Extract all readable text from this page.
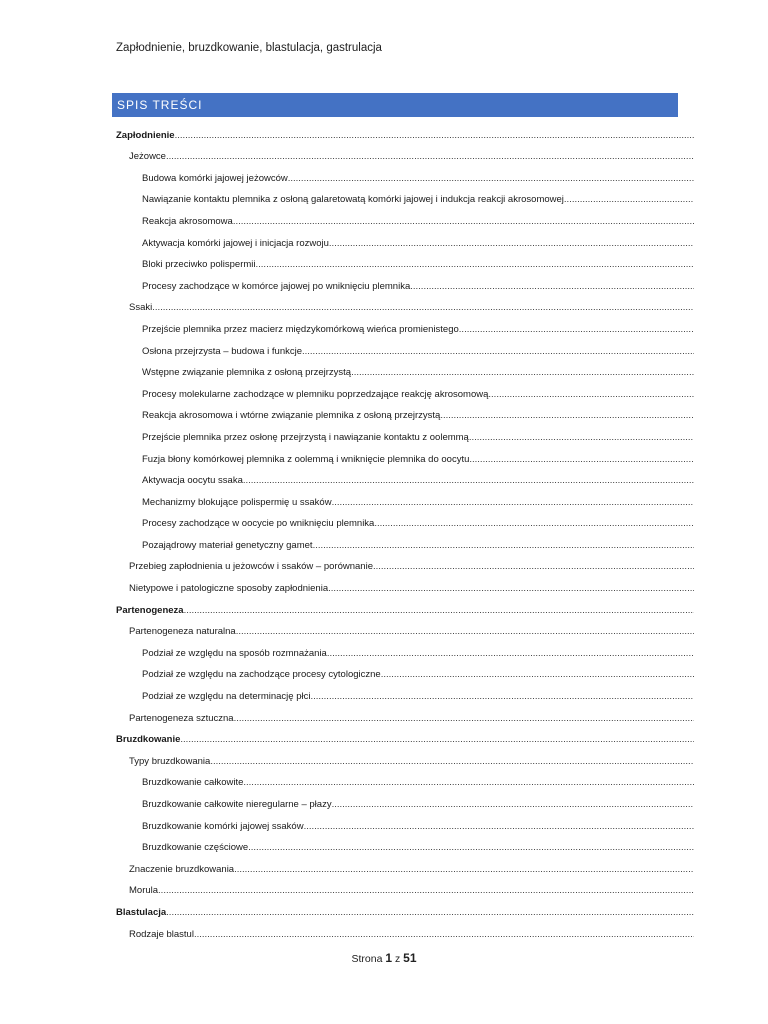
Zapłodnienie, bruzdkowanie, blastulacja, gastrulacja
SPIS TREŚCI
Zapłodnienie
.....
Jeżowce
.....
Budowa komórki jajowej jeżowców
.....
Nawiązanie kontaktu plemnika z osłoną galaretowatą komórki jajowej i indukcja reakcji akrosomowej
.....
Reakcja akrosomowa
.....
Aktywacja komórki jajowej i inicjacja rozwoju
.....
Bloki przeciwko polispermii
.....
Procesy zachodzące w komórce jajowej po wniknięciu plemnika
.....
Ssaki
.....
Przejście plemnika przez macierz międzykomórkową wieńca promienistego
.....
Osłona przejrzysta – budowa i funkcje
.....
Wstępne związanie plemnika z osłoną przejrzystą
.....
Procesy molekularne zachodzące w plemniku poprzedzające reakcję akrosomową
.....
Reakcja akrosomowa i wtórne związanie plemnika z osłoną przejrzystą
.....
Przejście plemnika przez osłonę przejrzystą i nawiązanie kontaktu z oolemmą
.....
Fuzja błony komórkowej plemnika z oolemmą i wniknięcie plemnika do oocytu
.....
Aktywacja oocytu ssaka
.....
Mechanizmy blokujące polispermię u ssaków
.....
Procesy zachodzące w oocycie po wniknięciu plemnika
.....
Pozajądrowy materiał genetyczny gamet
.....
Przebieg zapłodnienia u jeżowców i ssaków – porównanie
.....
Nietypowe i patologiczne sposoby zapłodnienia
.....
Partenogeneza
.....
Partenogeneza naturalna
.....
Podział ze względu na sposób rozmnażania
.....
Podział ze względu na zachodzące procesy cytologiczne
.....
Podział ze względu na determinację płci
.....
Partenogeneza sztuczna
.....
Bruzdkowanie
.....
Typy bruzdkowania
.....
Bruzdkowanie całkowite
.....
Bruzdkowanie całkowite nieregularne – płazy
.....
Bruzdkowanie komórki jajowej ssaków
.....
Bruzdkowanie częściowe
.....
Znaczenie bruzdkowania
.....
Morula
.....
Blastulacja
.....
Rodzaje blastul
.....
Strona 1 z 51
